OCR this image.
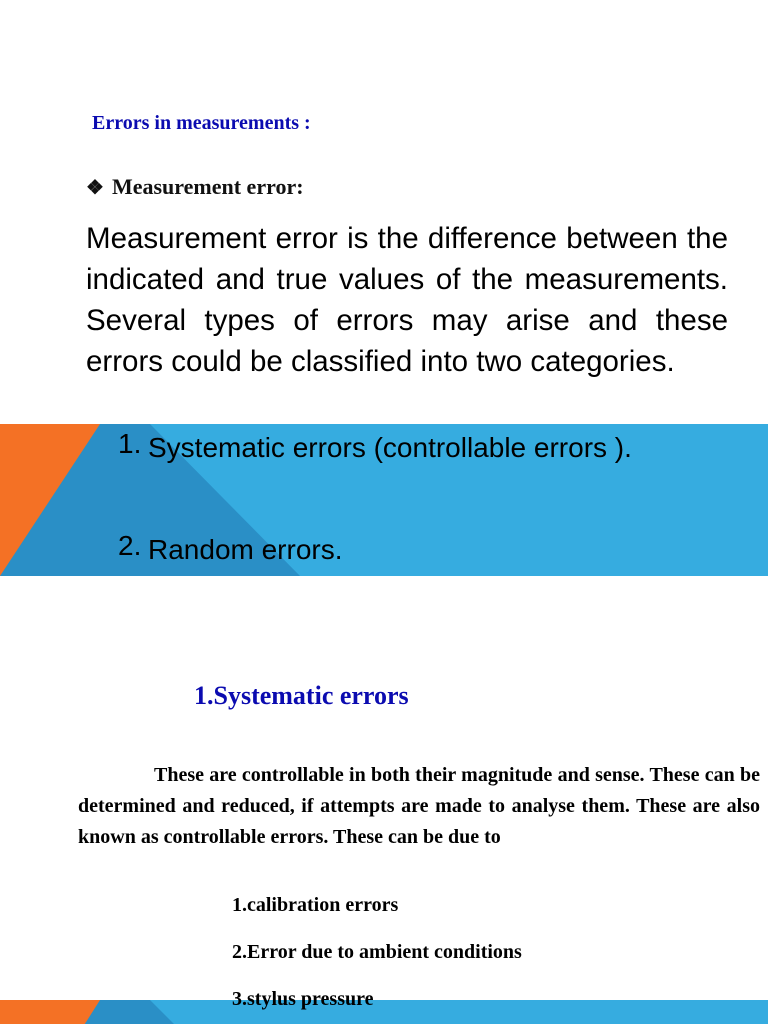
Errors in measurements :
❖ Measurement error:
Measurement error is the difference between the indicated and true values of the measurements. Several types of errors may arise and these errors could be classified into two categories.
1. Systematic errors (controllable errors ).
2. Random errors.
1.Systematic errors
These are controllable in both their magnitude and sense. These can be determined and reduced, if attempts are made to analyse them. These are also known as controllable errors. These can be due to
1.calibration errors
2.Error due to ambient conditions
3.stylus pressure
